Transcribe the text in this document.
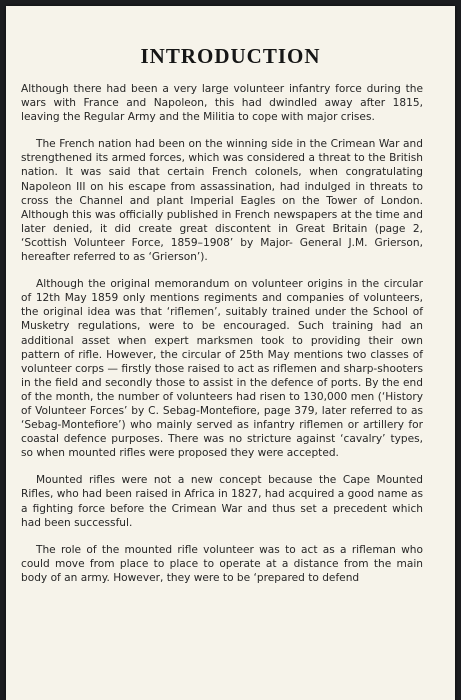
INTRODUCTION

Although there had been a very large volunteer infantry force during the wars with France and Napoleon, this had dwindled away after 1815, leaving the Regular Army and the Militia to cope with major crises.

The French nation had been on the winning side in the Crimean War and strengthened its armed forces, which was considered a threat to the British nation. It was said that certain French colonels, when congratulating Napoleon III on his escape from assassination, had indulged in threats to cross the Channel and plant Imperial Eagles on the Tower of London. Although this was officially published in French newspapers at the time and later denied, it did create great discontent in Great Britain (page 2, ‘Scottish Volunteer Force, 1859–1908’ by Major- General J.M. Grierson, hereafter referred to as ‘Grierson’).

Although the original memorandum on volunteer origins in the circular of 12th May 1859 only mentions regiments and companies of volunteers, the original idea was that ‘riflemen’, suitably trained under the School of Musketry regulations, were to be encouraged. Such training had an additional asset when expert marksmen took to providing their own pattern of rifle. However, the circular of 25th May mentions two classes of volunteer corps — firstly those raised to act as riflemen and sharp-shooters in the field and secondly those to assist in the defence of ports. By the end of the month, the number of volunteers had risen to 130,000 men (‘History of Volunteer Forces’ by C. Sebag-Montefiore, page 379, later referred to as ‘Sebag-Montefiore’) who mainly served as infantry riflemen or artillery for coastal defence purposes. There was no stricture against ‘cavalry’ types, so when mounted rifles were proposed they were accepted.

Mounted rifles were not a new concept because the Cape Mounted Rifles, who had been raised in Africa in 1827, had acquired a good name as a fighting force before the Crimean War and thus set a precedent which had been successful.

The role of the mounted rifle volunteer was to act as a rifleman who could move from place to place to operate at a distance from the main body of an army. However, they were to be ‘prepared to defend
